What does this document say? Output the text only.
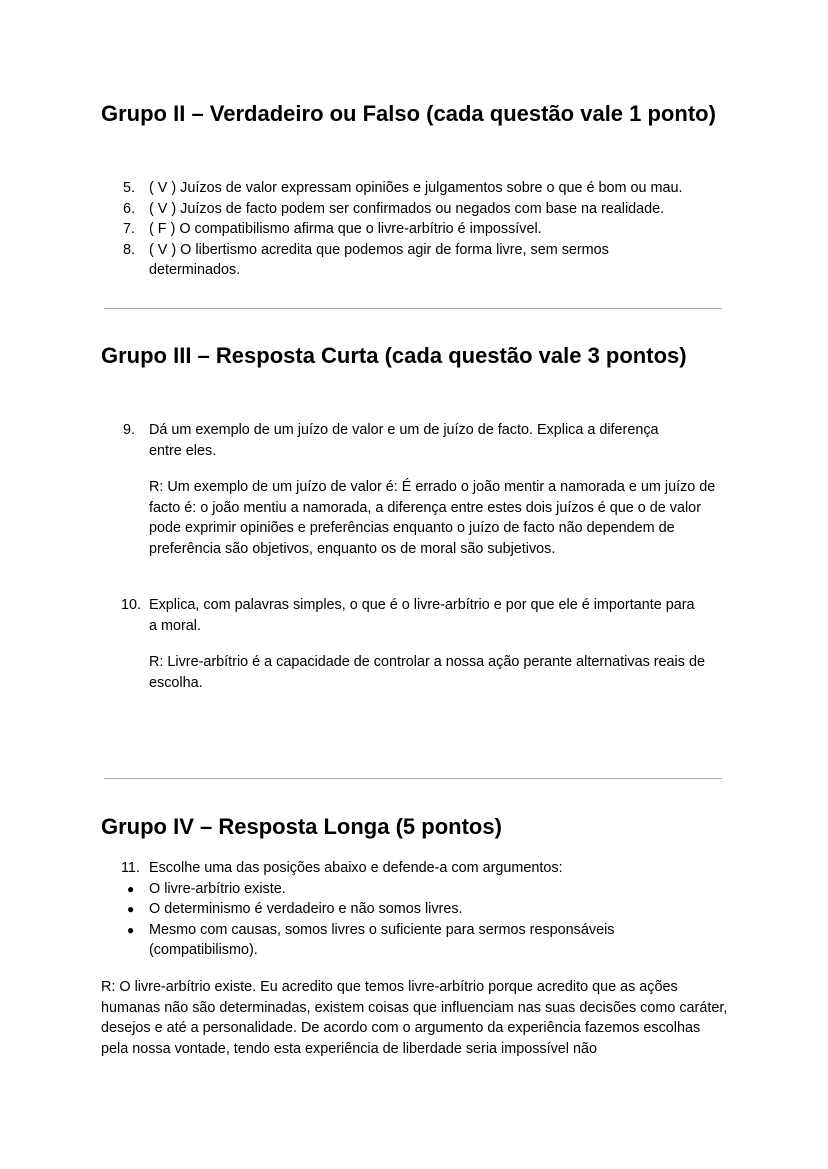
Grupo II – Verdadeiro ou Falso (cada questão vale 1 ponto)
5. ( V ) Juízos de valor expressam opiniões e julgamentos sobre o que é bom ou mau.
6. ( V ) Juízos de facto podem ser confirmados ou negados com base na realidade.
7. ( F ) O compatibilismo afirma que o livre-arbítrio é impossível.
8. ( V ) O libertismo acredita que podemos agir de forma livre, sem sermos determinados.
Grupo III – Resposta Curta (cada questão vale 3 pontos)
9. Dá um exemplo de um juízo de valor e um de juízo de facto. Explica a diferença entre eles.

R: Um exemplo de um juízo de valor é: É errado o joão mentir a namorada e um juízo de facto é: o joão mentiu a namorada, a diferença entre estes dois juízos é que o de valor pode exprimir opiniões e preferências enquanto o juízo de facto não dependem de preferência são objetivos, enquanto os de moral são subjetivos.

10. Explica, com palavras simples, o que é o livre-arbítrio e por que ele é importante para a moral.

R: Livre-arbítrio é a capacidade de controlar a nossa ação perante alternativas reais de escolha.

Grupo IV – Resposta Longa (5 pontos)
11. Escolhe uma das posições abaixo e defende-a com argumentos:
● O livre-arbítrio existe.
● O determinismo é verdadeiro e não somos livres.
● Mesmo com causas, somos livres o suficiente para sermos responsáveis (compatibilismo).

R: O livre-arbítrio existe. Eu acredito que temos livre-arbítrio porque acredito que as ações humanas não são determinadas, existem coisas que influenciam nas suas decisões como caráter, desejos e até a personalidade. De acordo com o argumento da experiência fazemos escolhas pela nossa vontade, tendo esta experiência de liberdade seria impossível não
